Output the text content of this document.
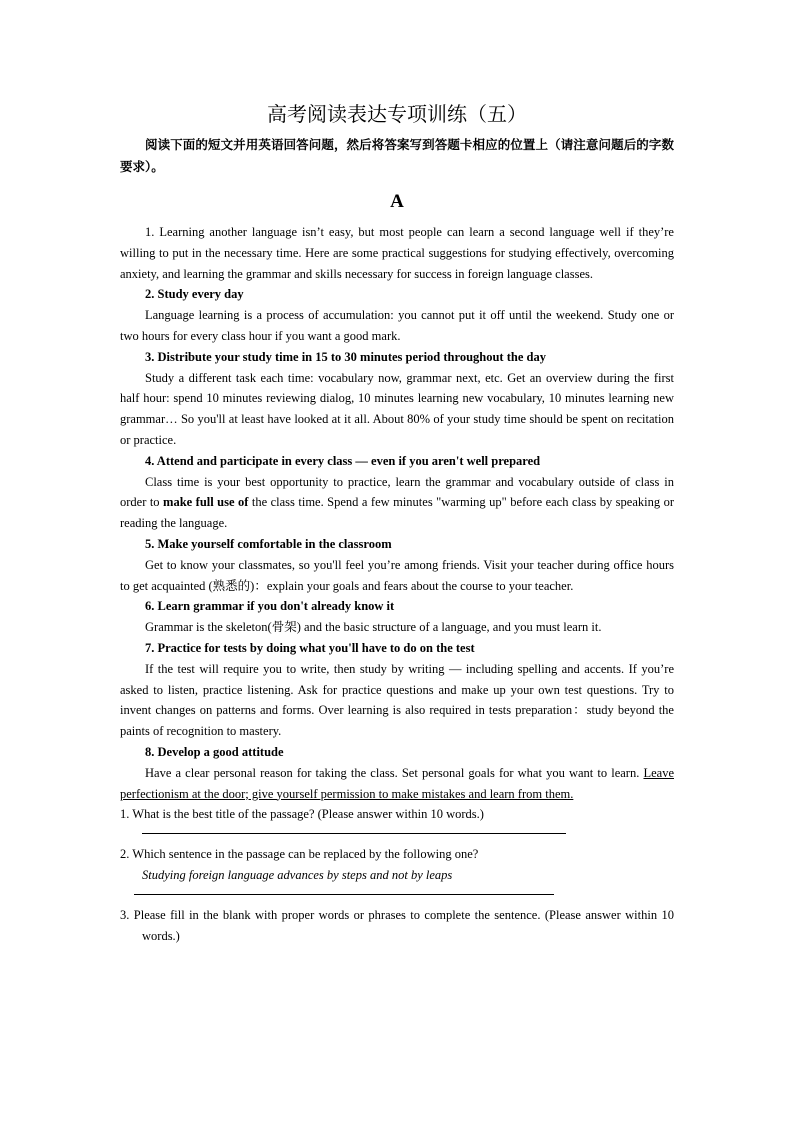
高考阅读表达专项训练（五）

阅读下面的短文并用英语回答问题，然后将答案写到答题卡相应的位置上（请注意问题后的字数要求）。

A

1. Learning another language isn’t easy, but most people can learn a second language well if they’re willing to put in the necessary time. Here are some practical suggestions for studying effectively, overcoming anxiety, and learning the grammar and skills necessary for success in foreign language classes.

2. Study every day

Language learning is a process of accumulation: you cannot put it off until the weekend. Study one or two hours for every class hour if you want a good mark.

3. Distribute your study time in 15 to 30 minutes period throughout the day

Study a different task each time: vocabulary now, grammar next, etc. Get an overview during the first half hour: spend 10 minutes reviewing dialog, 10 minutes learning new vocabulary, 10 minutes learning new grammar… So you'll at least have looked at it all. About 80% of your study time should be spent on recitation or practice.

4. Attend and participate in every class — even if you aren't well prepared

Class time is your best opportunity to practice, learn the grammar and vocabulary outside of class in order to make full use of the class time. Spend a few minutes "warming up" before each class by speaking or reading the language.

5. Make yourself comfortable in the classroom

Get to know your classmates, so you'll feel you’re among friends. Visit your teacher during office hours to get acquainted (熟悉的)：explain your goals and fears about the course to your teacher.

6. Learn grammar if you don't already know it

Grammar is the skeleton(骨架) and the basic structure of a language, and you must learn it.

7. Practice for tests by doing what you'll have to do on the test

If the test will require you to write, then study by writing — including spelling and accents. If you’re asked to listen, practice listening. Ask for practice questions and make up your own test questions. Try to invent changes on patterns and forms. Over learning is also required in tests preparation：study beyond the paints of recognition to mastery.

8. Develop a good attitude

Have a clear personal reason for taking the class. Set personal goals for what you want to learn. Leave perfectionism at the door; give yourself permission to make mistakes and learn from them.

1. What is the best title of the passage? (Please answer within 10 words.)

2. Which sentence in the passage can be replaced by the following one?

Studying foreign language advances by steps and not by leaps

3. Please fill in the blank with proper words or phrases to complete the sentence. (Please answer within 10 words.)
